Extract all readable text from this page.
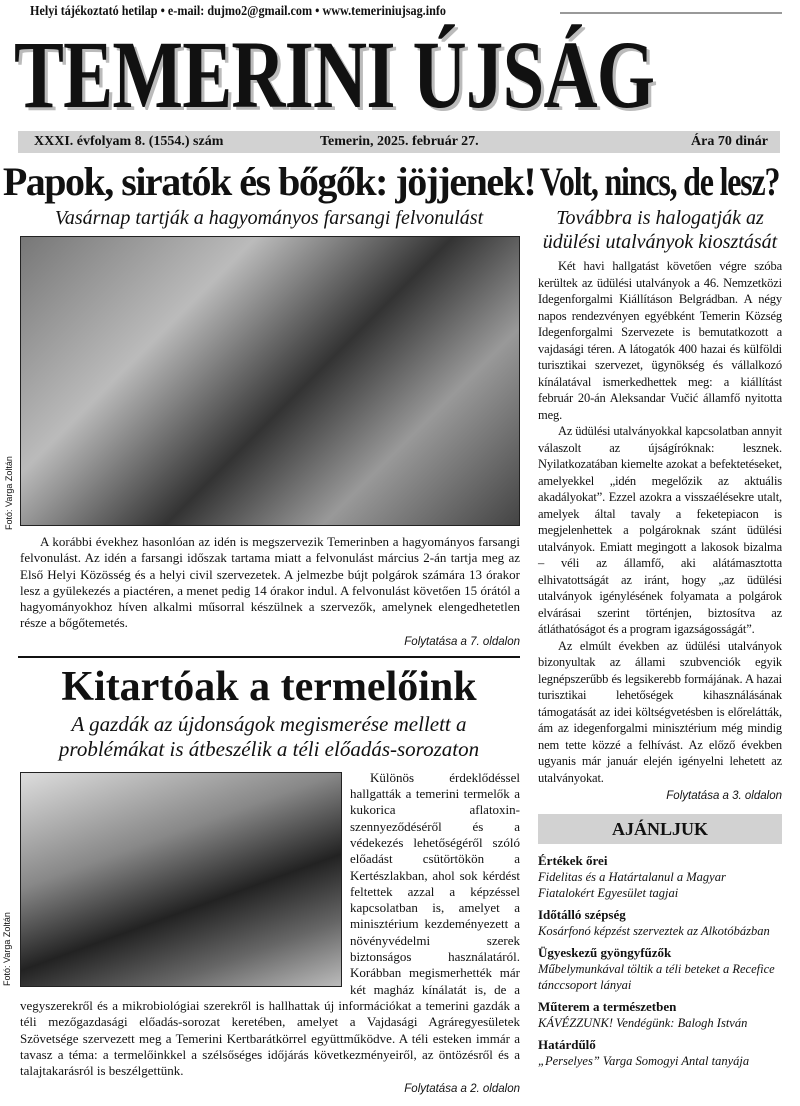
Helyi tájékoztató hetilap • e-mail: dujmo2@gmail.com • www.temeriniujsag.info
TEMERINI ÚJSÁG
XXXI. évfolyam 8. (1554.) szám	Temerin, 2025. február 27.	Ára 70 dinár
Fotó: Varga Zoltán
Papok, siratók és bőgők: jöjjenek!
Vasárnap tartják a hagyományos farsangi felvonulást

A korábbi évekhez hasonlóan az idén is megszervezik Temerinben a hagyományos farsangi felvonulást. Az idén a farsangi időszak tartama miatt a felvonulást március 2-án tartja meg az Első Helyi Közösség és a helyi civil szervezetek. A jelmezbe bújt polgárok számára 13 órakor lesz a gyülekezés a piactéren, a menet pedig 14 órakor indul. A felvonulást követően 15 órától a hagyományokhoz híven alkalmi műsorral készülnek a szervezők, amelynek elengedhetetlen része a bőgőtemetés.

Folytatása a 7. oldalon
Kitartóak a termelőink
A gazdák az újdonságok megismerése mellett a problémákat is átbeszélik a téli előadás-sorozaton

Különös érdeklődéssel hallgatták a temerini termelők a kukorica aflatoxin-szennyeződéséről és a védekezés lehetőségéről szóló előadást csütörtökön a Kertészlakban, ahol sok kérdést feltettek azzal a képzéssel kapcsolatban is, amelyet a minisztérium kezdeményezett a növényvédelmi szerek biztonságos használatáról. Korábban megismerhették már két magház kínálatát is, de a vegyszerekről és a mikrobiológiai szerekről is hallhattak új információkat a temerini gazdák a téli mezőgazdasági előadás-sorozat keretében, amelyet a Vajdasági Agráregyesületek Szövetsége szervezett meg a Temerini Kertbarátkörrel együttműködve. A téli esteken immár a tavasz a téma: a termelőinkkel a szélsőséges időjárás következményeiről, az öntözésről és a talajtakarásról is beszélgettünk.

Fotó: Varga Zoltán
Folytatása a 2. oldalon
Volt, nincs, de lesz?
Továbbra is halogatják az üdülési utalványok kiosztását

Két havi hallgatást követően végre szóba kerültek az üdülési utalványok a 46. Nemzetközi Idegenforgalmi Kiállításon Belgrádban. A négy napos rendezvényen egyébként Temerin Község Idegenforgalmi Szervezete is bemutatkozott a vajdasági téren. A látogatók 400 hazai és külföldi turisztikai szervezet, ügynökség és vállalkozó kínálatával ismerkedhettek meg: a kiállítást február 20-án Aleksandar Vučić államfő nyitotta meg.

Az üdülési utalványokkal kapcsolatban annyit válaszolt az újságíróknak: lesznek. Nyilatkozatában kiemelte azokat a befektetéseket, amelyekkel „idén megelőzik az aktuális akadályokat”. Ezzel azokra a visszaélésekre utalt, amelyek által tavaly a feketepiacon is megjelenhettek a polgároknak szánt üdülési utalványok. Emiatt megingott a lakosok bizalma – véli az államfő, aki alátámasztotta elhivatottságát az iránt, hogy „az üdülési utalványok igénylésének folyamata a polgárok elvárásai szerint történjen, biztosítva az átláthatóságot és a program igazságosságát”.

Az elmúlt években az üdülési utalványok bizonyultak az állami szubvenciók egyik legnépszerűbb és legsikerebb formájának. A hazai turisztikai lehetőségek kihasználásának támogatását az idei költségvetésben is előrelátták, ám az idegenforgalmi minisztérium még mindig nem tette közzé a felhívást. Az előző években ugyanis már január elején igényelni lehetett az utalványokat.

Folytatása a 3. oldalon
AJÁNLJUK
Értékek őrei
Fidelitas és a Határtalanul a Magyar Fiatalokért Egyesület tagjai
Időtálló szépség
Kosárfonó képzést szerveztek az Alkotóbázban
Ügyeskezű gyöngyfűzők
Műbelymunkával töltik a téli beteket a Recefice tánccsoport lányai
Műterem a természetben
KÁVÉZZUNK! Vendégünk: Balogh István
Határdűlő
„Perselyes” Varga Somogyi Antal tanyája
